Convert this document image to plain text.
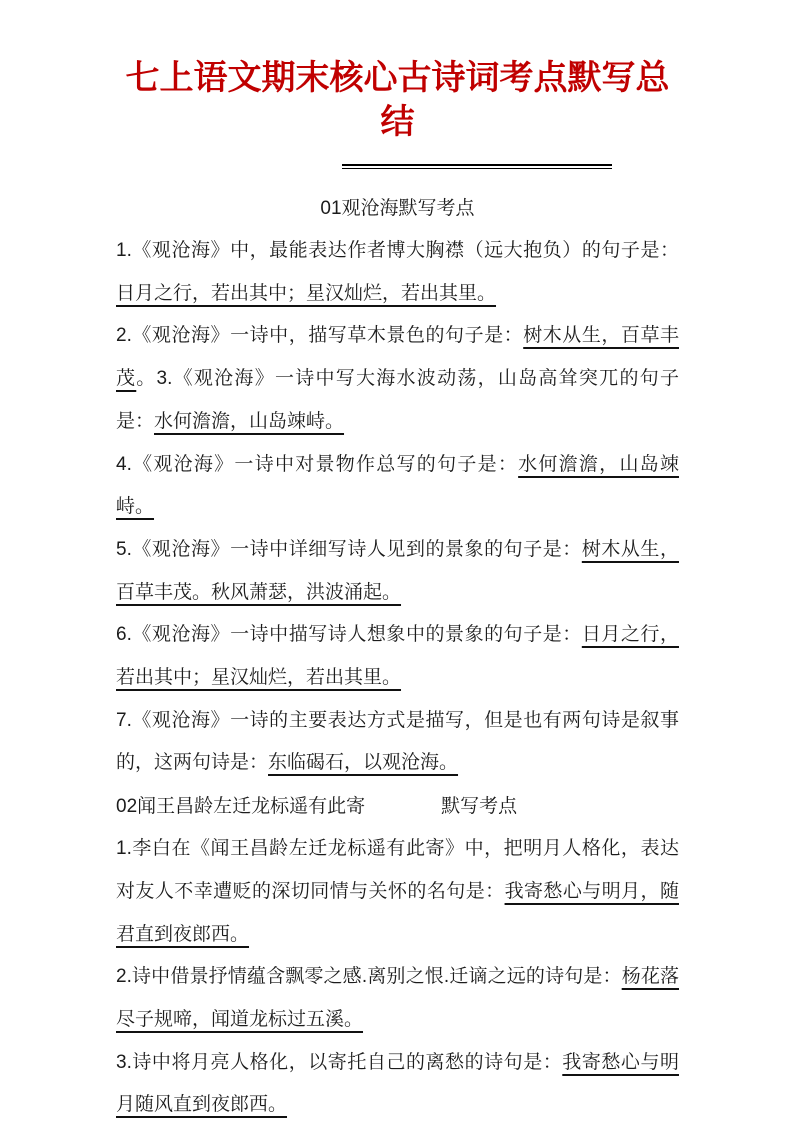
七上语文期末核心古诗词考点默写总结
01观沧海默写考点

1.《观沧海》中，最能表达作者博大胸襟（远大抱负）的句子是：日月之行，若出其中；星汉灿烂，若出其里。

2.《观沧海》一诗中，描写草木景色的句子是：树木从生，百草丰茂。3.《观沧海》一诗中写大海水波动荡，山岛高耸突兀的句子是：水何澹澹，山岛竦峙。

4.《观沧海》一诗中对景物作总写的句子是：水何澹澹，山岛竦峙。

5.《观沧海》一诗中详细写诗人见到的景象的句子是：树木从生，百草丰茂。秋风萧瑟，洪波涌起。

6.《观沧海》一诗中描写诗人想象中的景象的句子是：日月之行，若出其中；星汉灿烂，若出其里。

7.《观沧海》一诗的主要表达方式是描写，但是也有两句诗是叙事的，这两句诗是：东临碣石，以观沧海。

02闻王昌龄左迁龙标遥有此寄	默写考点

1.李白在《闻王昌龄左迁龙标遥有此寄》中，把明月人格化，表达对友人不幸遭贬的深切同情与关怀的名句是：我寄愁心与明月，随君直到夜郎西。

2.诗中借景抒情蕴含飘零之感.离别之恨.迁谪之远的诗句是：杨花落尽子规啼，闻道龙标过五溪。

3.诗中将月亮人格化，以寄托自己的离愁的诗句是：我寄愁心与明月随风直到夜郎西。
